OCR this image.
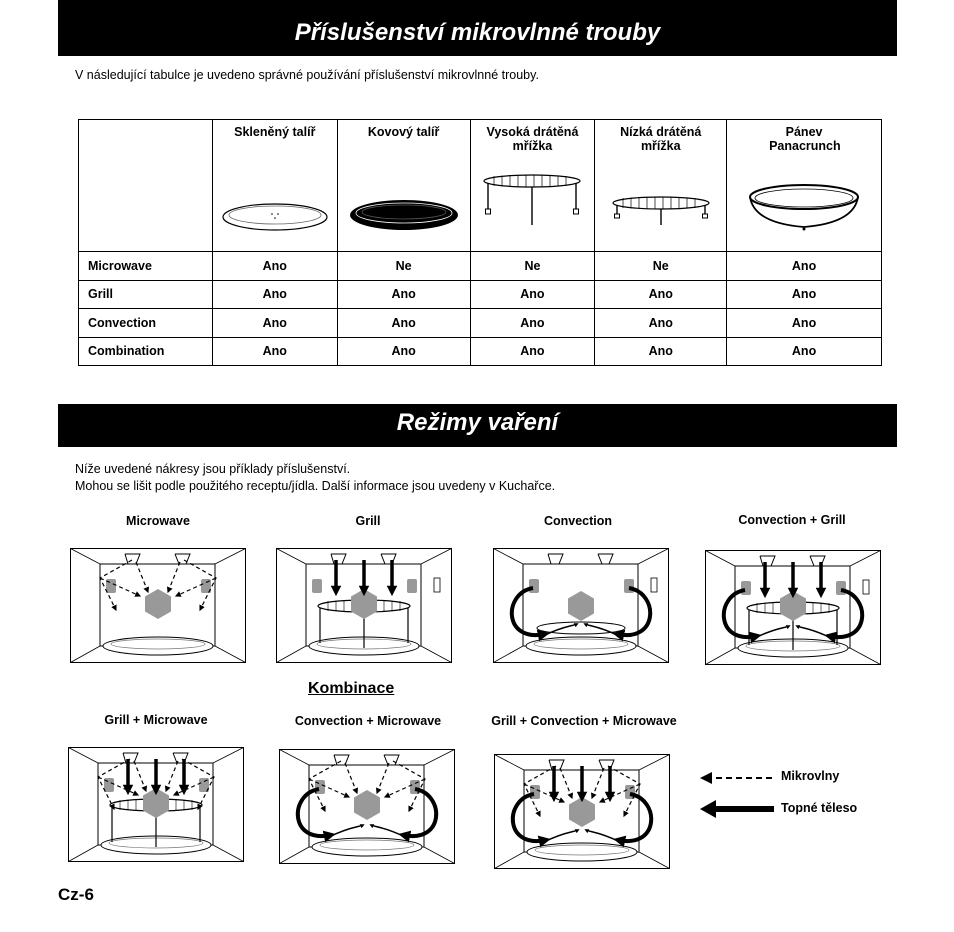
Příslušenství mikrovlnné trouby
V následující tabulce je uvedeno správné používání příslušenství mikrovlnné trouby.

	Skleněný talíř	Kovový talíř	Vysoká drátěná mřížka	Nízká drátěná mřížka	Pánev Panacrunch

Microwave	Ano	Ne	Ne	Ne	Ano
Grill	Ano	Ano	Ano	Ano	Ano
Convection	Ano	Ano	Ano	Ano	Ano
Combination	Ano	Ano	Ano	Ano	Ano
Režimy vaření
Níže uvedené nákresy jsou příklady příslušenství.
Mohou se lišit podle použitého receptu/jídla. Další informace jsou uvedeny v Kuchařce.
Microwave	Grill	Convection	Convection + Grill
Kombinace
Grill + Microwave	Convection + Microwave	Grill + Convection + Microwave
Mikrovlny
Topné těleso
Cz-6
